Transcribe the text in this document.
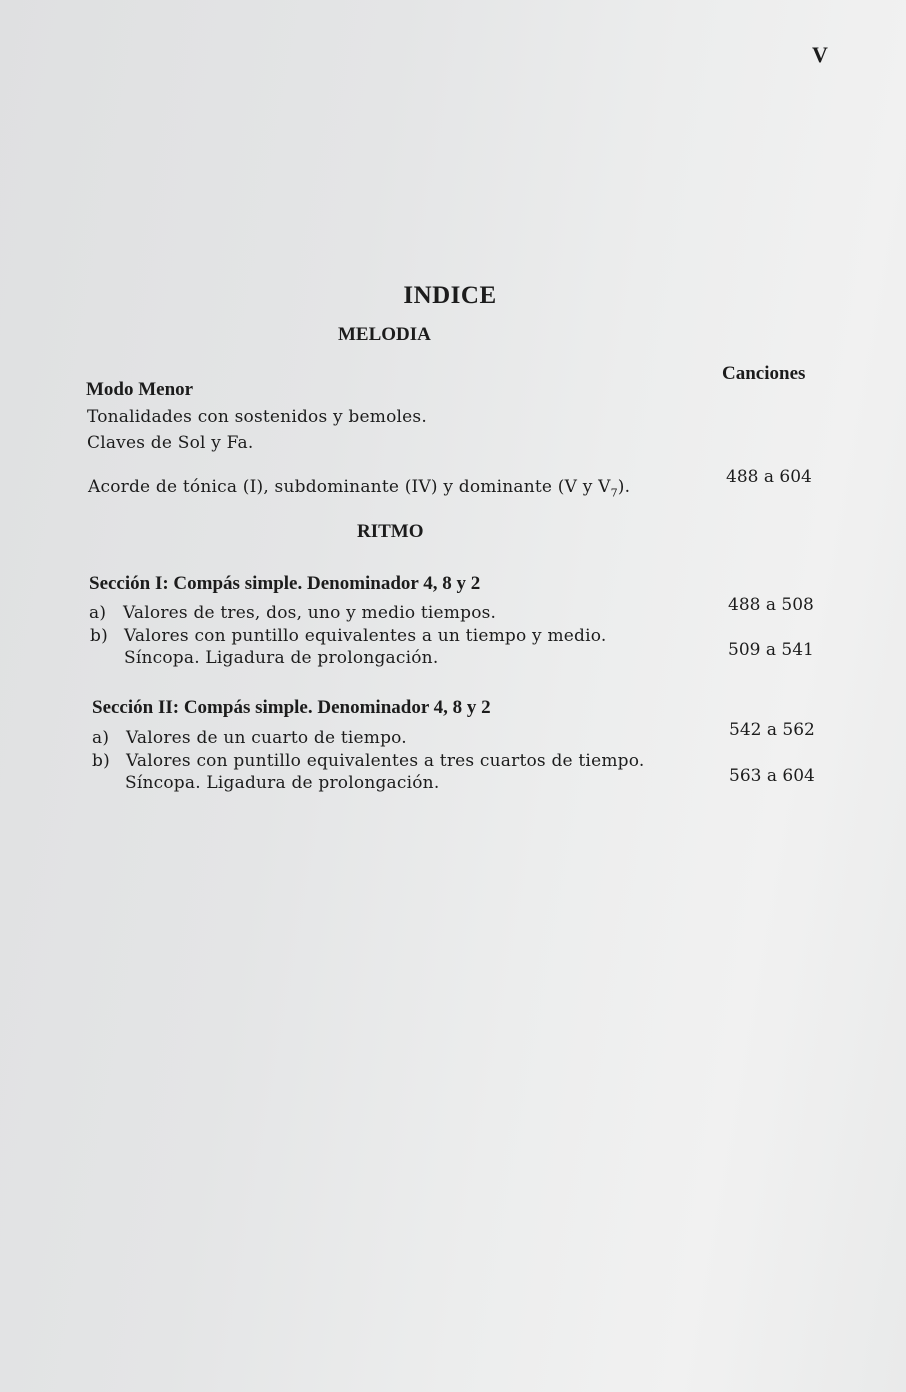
V
INDICE
MELODIA
Canciones
Modo Menor
Tonalidades con sostenidos y bemoles.
Claves de Sol y Fa.
Acorde de tónica (I), subdominante (IV) y dominante (V y $V_7$).	488 a 604
RITMO
Sección I: Compás simple. Denominador 4, 8 y 2
a) Valores de tres, dos, uno y medio tiempos.	488 a 508
b) Valores con puntillo equivalentes a un tiempo y medio.
Síncopa. Ligadura de prolongación.	509 a 541
Sección II: Compás simple. Denominador 4, 8 y 2
a) Valores de un cuarto de tiempo.	542 a 562
b) Valores con puntillo equivalentes a tres cuartos de tiempo.
Síncopa. Ligadura de prolongación.	563 a 604
